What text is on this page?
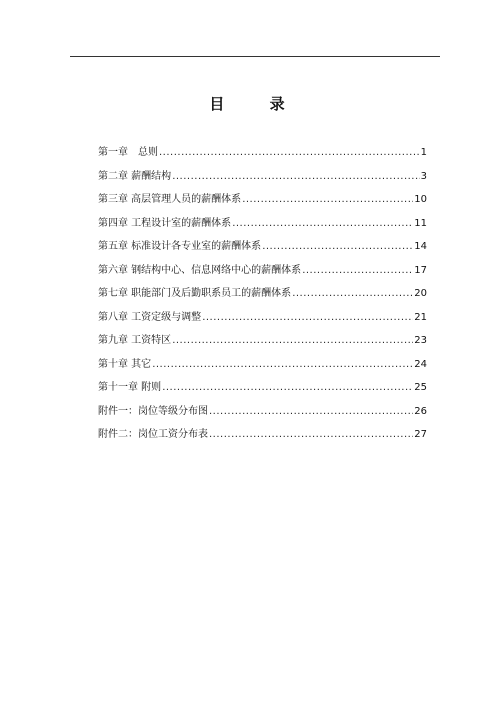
目 录
第一章　总则 .....	1
第二章 薪酬结构 .....	3
第三章 高层管理人员的薪酬体系 .....	10
第四章 工程设计室的薪酬体系 .....	11
第五章 标准设计各专业室的薪酬体系 .....	14
第六章 钢结构中心、信息网络中心的薪酬体系 .....	17
第七章 职能部门及后勤职系员工的薪酬体系 .....	20
第八章 工资定级与调整 .....	21
第九章 工资特区 .....	23
第十章 其它 .....	24
第十一章 附则 .....	25
附件一：岗位等级分布图 .....	26
附件二：岗位工资分布表 .....	27
